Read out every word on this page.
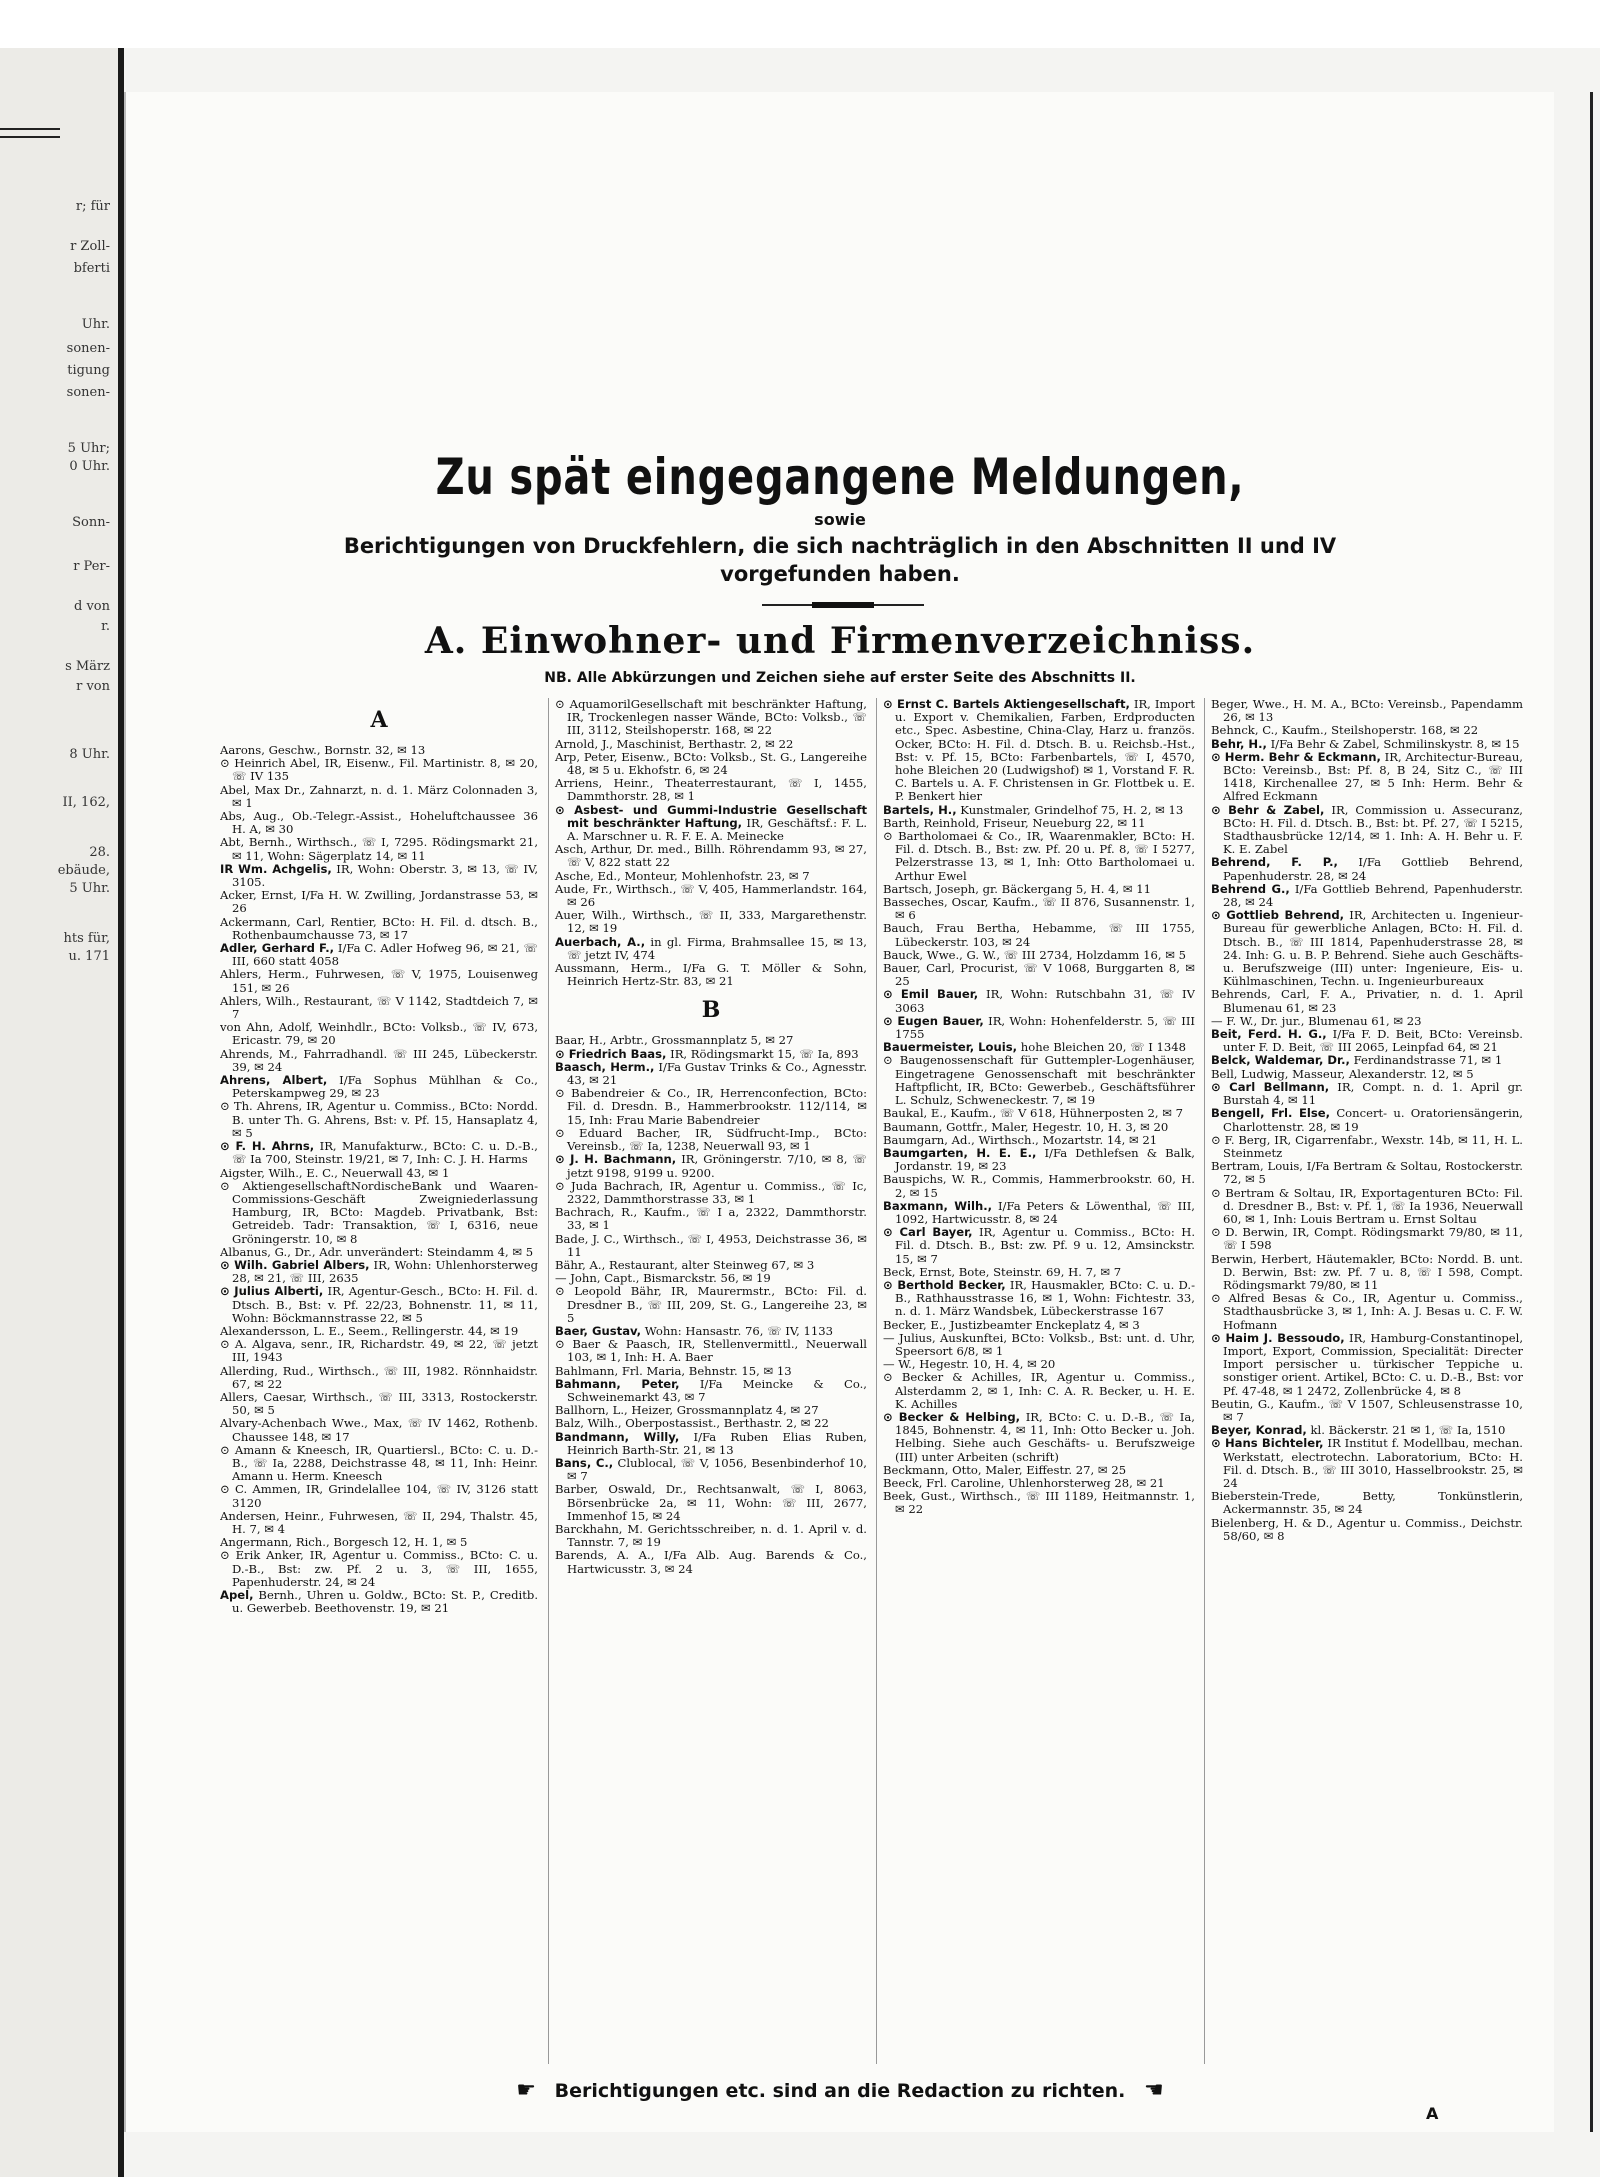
r; für
r Zoll-
bferti
Uhr.
sonen-
tigung
sonen-
5 Uhr;
0 Uhr.
Sonn-
r Per-
d von
r.
s März
r von
8 Uhr.
II, 162,
28.
ebäude,
5 Uhr.
hts für,
u. 171
Zu spät eingegangene Meldungen,
sowie
Berichtigungen von Druckfehlern, die sich nachträglich in den Abschnitten II und IV vorgefunden haben.
A. Einwohner- und Firmenverzeichniss.
NB. Alle Abkürzungen und Zeichen siehe auf erster Seite des Abschnitts II.
A

Aarons, Geschw., Bornstr. 32, ✉ 13

⊙ Heinrich Abel, IR, Eisenw., Fil. Martinistr. 8, ✉ 20, ☏ IV 135

Abel, Max Dr., Zahnarzt, n. d. 1. März Colonnaden 3, ✉ 1

Abs, Aug., Ob.-Telegr.-Assist., Hoheluftchaussee 36 H. A, ✉ 30

Abt, Bernh., Wirthsch., ☏ I, 7295. Rödingsmarkt 21, ✉ 11, Wohn: Sägerplatz 14, ✉ 11

IR Wm. Achgelis, IR, Wohn: Oberstr. 3, ✉ 13, ☏ IV, 3105.

Acker, Ernst, I/Fa H. W. Zwilling, Jordanstrasse 53, ✉ 26

Ackermann, Carl, Rentier, BCto: H. Fil. d. dtsch. B., Rothenbaumchausse 73, ✉ 17

Adler, Gerhard F., I/Fa C. Adler Hofweg 96, ✉ 21, ☏ III, 660 statt 4058

Ahlers, Herm., Fuhrwesen, ☏ V, 1975, Louisenweg 151, ✉ 26

Ahlers, Wilh., Restaurant, ☏ V 1142, Stadtdeich 7, ✉ 7

von Ahn, Adolf, Weinhdlr., BCto: Volksb., ☏ IV, 673, Ericastr. 79, ✉ 20

Ahrends, M., Fahrradhandl. ☏ III 245, Lübeckerstr. 39, ✉ 24

Ahrens, Albert, I/Fa Sophus Mühlhan & Co., Peterskampweg 29, ✉ 23

⊙ Th. Ahrens, IR, Agentur u. Commiss., BCto: Nordd. B. unter Th. G. Ahrens, Bst: v. Pf. 15, Hansaplatz 4, ✉ 5

⊙ F. H. Ahrns, IR, Manufakturw., BCto: C. u. D.-B., ☏ Ia 700, Steinstr. 19/21, ✉ 7, Inh: C. J. H. Harms

Aigster, Wilh., E. C., Neuerwall 43, ✉ 1

⊙ AktiengesellschaftNordischeBank und Waaren-Commissions-Geschäft Zweigniederlassung Hamburg, IR, BCto: Magdeb. Privatbank, Bst: Getreideb. Tadr: Transaktion, ☏ I, 6316, neue Gröningerstr. 10, ✉ 8

Albanus, G., Dr., Adr. unverändert: Steindamm 4, ✉ 5

⊙ Wilh. Gabriel Albers, IR, Wohn: Uhlenhorsterweg 28, ✉ 21, ☏ III, 2635

⊙ Julius Alberti, IR, Agentur-Gesch., BCto: H. Fil. d. Dtsch. B., Bst: v. Pf. 22/23, Bohnenstr. 11, ✉ 11, Wohn: Böckmannstrasse 22, ✉ 5

Alexandersson, L. E., Seem., Rellingerstr. 44, ✉ 19

⊙ A. Algava, senr., IR, Richardstr. 49, ✉ 22, ☏ jetzt III, 1943

Allerding, Rud., Wirthsch., ☏ III, 1982. Rönnhaidstr. 67, ✉ 22

Allers, Caesar, Wirthsch., ☏ III, 3313, Rostockerstr. 50, ✉ 5

Alvary-Achenbach Wwe., Max, ☏ IV 1462, Rothenb. Chaussee 148, ✉ 17

⊙ Amann & Kneesch, IR, Quartiersl., BCto: C. u. D.-B., ☏ Ia, 2288, Deichstrasse 48, ✉ 11, Inh: Heinr. Amann u. Herm. Kneesch

⊙ C. Ammen, IR, Grindelallee 104, ☏ IV, 3126 statt 3120

Andersen, Heinr., Fuhrwesen, ☏ II, 294, Thalstr. 45, H. 7, ✉ 4

Angermann, Rich., Borgesch 12, H. 1, ✉ 5

⊙ Erik Anker, IR, Agentur u. Commiss., BCto: C. u. D.-B., Bst: zw. Pf. 2 u. 3, ☏ III, 1655, Papenhuderstr. 24, ✉ 24

Apel, Bernh., Uhren u. Goldw., BCto: St. P., Creditb. u. Gewerbeb. Beethovenstr. 19, ✉ 21

⊙ AquamorilGesellschaft mit beschränkter Haftung, IR, Trockenlegen nasser Wände, BCto: Volksb., ☏ III, 3112, Steilshoperstr. 168, ✉ 22

Arnold, J., Maschinist, Berthastr. 2, ✉ 22

Arp, Peter, Eisenw., BCto: Volksb., St. G., Langereihe 48, ✉ 5 u. Ekhofstr. 6, ✉ 24

Arriens, Heinr., Theaterrestaurant, ☏ I, 1455, Dammthorstr. 28, ✉ 1

⊙ Asbest- und Gummi-Industrie Gesellschaft mit beschränkter Haftung, IR, Geschäftsf.: F. L. A. Marschner u. R. F. E. A. Meinecke

Asch, Arthur, Dr. med., Billh. Röhrendamm 93, ✉ 27, ☏ V, 822 statt 22

Asche, Ed., Monteur, Mohlenhofstr. 23, ✉ 7

Aude, Fr., Wirthsch., ☏ V, 405, Hammerlandstr. 164, ✉ 26

Auer, Wilh., Wirthsch., ☏ II, 333, Margarethenstr. 12, ✉ 19

Auerbach, A., in gl. Firma, Brahmsallee 15, ✉ 13, ☏ jetzt IV, 474

Aussmann, Herm., I/Fa G. T. Möller & Sohn, Heinrich Hertz-Str. 83, ✉ 21

B

Baar, H., Arbtr., Grossmannplatz 5, ✉ 27

⊙ Friedrich Baas, IR, Rödingsmarkt 15, ☏ Ia, 893

Baasch, Herm., I/Fa Gustav Trinks & Co., Agnesstr. 43, ✉ 21

⊙ Babendreier & Co., IR, Herrenconfection, BCto: Fil. d. Dresdn. B., Hammerbrookstr. 112/114, ✉ 15, Inh: Frau Marie Babendreier

⊙ Eduard Bacher, IR, Südfrucht-Imp., BCto: Vereinsb., ☏ Ia, 1238, Neuerwall 93, ✉ 1

⊙ J. H. Bachmann, IR, Gröningerstr. 7/10, ✉ 8, ☏ jetzt 9198, 9199 u. 9200.

⊙ Juda Bachrach, IR, Agentur u. Commiss., ☏ Ic, 2322, Dammthorstrasse 33, ✉ 1

Bachrach, R., Kaufm., ☏ I a, 2322, Dammthorstr. 33, ✉ 1

Bade, J. C., Wirthsch., ☏ I, 4953, Deichstrasse 36, ✉ 11

Bähr, A., Restaurant, alter Steinweg 67, ✉ 3

— John, Capt., Bismarckstr. 56, ✉ 19

⊙ Leopold Bähr, IR, Maurermstr., BCto: Fil. d. Dresdner B., ☏ III, 209, St. G., Langereihe 23, ✉ 5

Baer, Gustav, Wohn: Hansastr. 76, ☏ IV, 1133

⊙ Baer & Paasch, IR, Stellenvermittl., Neuerwall 103, ✉ 1, Inh: H. A. Baer

Bahlmann, Frl. Maria, Behnstr. 15, ✉ 13

Bahmann, Peter, I/Fa Meincke & Co., Schweinemarkt 43, ✉ 7

Ballhorn, L., Heizer, Grossmannplatz 4, ✉ 27

Balz, Wilh., Oberpostassist., Berthastr. 2, ✉ 22

Bandmann, Willy, I/Fa Ruben Elias Ruben, Heinrich Barth-Str. 21, ✉ 13

Bans, C., Clublocal, ☏ V, 1056, Besenbinderhof 10, ✉ 7

Barber, Oswald, Dr., Rechtsanwalt, ☏ I, 8063, Börsenbrücke 2a, ✉ 11, Wohn: ☏ III, 2677, Immenhof 15, ✉ 24

Barckhahn, M. Gerichtsschreiber, n. d. 1. April v. d. Tannstr. 7, ✉ 19

Barends, A. A., I/Fa Alb. Aug. Barends & Co., Hartwicusstr. 3, ✉ 24

⊙ Ernst C. Bartels Aktiengesellschaft, IR, Import u. Export v. Chemikalien, Farben, Erdproducten etc., Spec. Asbestine, China-Clay, Harz u. französ. Ocker, BCto: H. Fil. d. Dtsch. B. u. Reichsb.-Hst., Bst: v. Pf. 15, BCto: Farbenbartels, ☏ I, 4570, hohe Bleichen 20 (Ludwigshof) ✉ 1, Vorstand F. R. C. Bartels u. A. F. Christensen in Gr. Flottbek u. E. P. Benkert hier

Bartels, H., Kunstmaler, Grindelhof 75, H. 2, ✉ 13

Barth, Reinhold, Friseur, Neueburg 22, ✉ 11

⊙ Bartholomaei & Co., IR, Waarenmakler, BCto: H. Fil. d. Dtsch. B., Bst: zw. Pf. 20 u. Pf. 8, ☏ I 5277, Pelzerstrasse 13, ✉ 1, Inh: Otto Bartholomaei u. Arthur Ewel

Bartsch, Joseph, gr. Bäckergang 5, H. 4, ✉ 11

Basseches, Oscar, Kaufm., ☏ II 876, Susannenstr. 1, ✉ 6

Bauch, Frau Bertha, Hebamme, ☏ III 1755, Lübeckerstr. 103, ✉ 24

Bauck, Wwe., G. W., ☏ III 2734, Holzdamm 16, ✉ 5

Bauer, Carl, Procurist, ☏ V 1068, Burggarten 8, ✉ 25

⊙ Emil Bauer, IR, Wohn: Rutschbahn 31, ☏ IV 3063

⊙ Eugen Bauer, IR, Wohn: Hohenfelderstr. 5, ☏ III 1755

Bauermeister, Louis, hohe Bleichen 20, ☏ I 1348

⊙ Baugenossenschaft für Guttempler-Logenhäuser, Eingetragene Genossenschaft mit beschränkter Haftpflicht, IR, BCto: Gewerbeb., Geschäftsführer L. Schulz, Schweneckestr. 7, ✉ 19

Baukal, E., Kaufm., ☏ V 618, Hühnerposten 2, ✉ 7

Baumann, Gottfr., Maler, Hegestr. 10, H. 3, ✉ 20

Baumgarn, Ad., Wirthsch., Mozartstr. 14, ✉ 21

Baumgarten, H. E. E., I/Fa Dethlefsen & Balk, Jordanstr. 19, ✉ 23

Bauspichs, W. R., Commis, Hammerbrookstr. 60, H. 2, ✉ 15

Baxmann, Wilh., I/Fa Peters & Löwenthal, ☏ III, 1092, Hartwicusstr. 8, ✉ 24

⊙ Carl Bayer, IR, Agentur u. Commiss., BCto: H. Fil. d. Dtsch. B., Bst: zw. Pf. 9 u. 12, Amsinckstr. 15, ✉ 7

Beck, Ernst, Bote, Steinstr. 69, H. 7, ✉ 7

⊙ Berthold Becker, IR, Hausmakler, BCto: C. u. D.-B., Rathhausstrasse 16, ✉ 1, Wohn: Fichtestr. 33, n. d. 1. März Wandsbek, Lübeckerstrasse 167

Becker, E., Justizbeamter Enckeplatz 4, ✉ 3

— Julius, Auskunftei, BCto: Volksb., Bst: unt. d. Uhr, Speersort 6/8, ✉ 1

— W., Hegestr. 10, H. 4, ✉ 20

⊙ Becker & Achilles, IR, Agentur u. Commiss., Alsterdamm 2, ✉ 1, Inh: C. A. R. Becker, u. H. E. K. Achilles

⊙ Becker & Helbing, IR, BCto: C. u. D.-B., ☏ Ia, 1845, Bohnenstr. 4, ✉ 11, Inh: Otto Becker u. Joh. Helbing. Siehe auch Geschäfts- u. Berufszweige (III) unter Arbeiten (schrift)

Beckmann, Otto, Maler, Eiffestr. 27, ✉ 25

Beeck, Frl. Caroline, Uhlenhorsterweg 28, ✉ 21

Beek, Gust., Wirthsch., ☏ III 1189, Heitmannstr. 1, ✉ 22

Beger, Wwe., H. M. A., BCto: Vereinsb., Papendamm 26, ✉ 13

Behnck, C., Kaufm., Steilshoperstr. 168, ✉ 22

Behr, H., I/Fa Behr & Zabel, Schmilinskystr. 8, ✉ 15

⊙ Herm. Behr & Eckmann, IR, Architectur-Bureau, BCto: Vereinsb., Bst: Pf. 8, B 24, Sitz C., ☏ III 1418, Kirchenallee 27, ✉ 5 Inh: Herm. Behr & Alfred Eckmann

⊙ Behr & Zabel, IR, Commission u. Assecuranz, BCto: H. Fil. d. Dtsch. B., Bst: bt. Pf. 27, ☏ I 5215, Stadthausbrücke 12/14, ✉ 1. Inh: A. H. Behr u. F. K. E. Zabel

Behrend, F. P., I/Fa Gottlieb Behrend, Papenhuderstr. 28, ✉ 24

Behrend G., I/Fa Gottlieb Behrend, Papenhuderstr. 28, ✉ 24

⊙ Gottlieb Behrend, IR, Architecten u. Ingenieur-Bureau für gewerbliche Anlagen, BCto: H. Fil. d. Dtsch. B., ☏ III 1814, Papenhuderstrasse 28, ✉ 24. Inh: G. u. B. P. Behrend. Siehe auch Geschäfts- u. Berufszweige (III) unter: Ingenieure, Eis- u. Kühlmaschinen, Techn. u. Ingenieurbureaux

Behrends, Carl, F. A., Privatier, n. d. 1. April Blumenau 61, ✉ 23

— F. W., Dr. jur., Blumenau 61, ✉ 23

Beit, Ferd. H. G., I/Fa F. D. Beit, BCto: Vereinsb. unter F. D. Beit, ☏ III 2065, Leinpfad 64, ✉ 21

Belck, Waldemar, Dr., Ferdinandstrasse 71, ✉ 1

Bell, Ludwig, Masseur, Alexanderstr. 12, ✉ 5

⊙ Carl Bellmann, IR, Compt. n. d. 1. April gr. Burstah 4, ✉ 11

Bengell, Frl. Else, Concert- u. Oratoriensängerin, Charlottenstr. 28, ✉ 19

⊙ F. Berg, IR, Cigarrenfabr., Wexstr. 14b, ✉ 11, H. L. Steinmetz

Bertram, Louis, I/Fa Bertram & Soltau, Rostockerstr. 72, ✉ 5

⊙ Bertram & Soltau, IR, Exportagenturen BCto: Fil. d. Dresdner B., Bst: v. Pf. 1, ☏ Ia 1936, Neuerwall 60, ✉ 1, Inh: Louis Bertram u. Ernst Soltau

⊙ D. Berwin, IR, Compt. Rödingsmarkt 79/80, ✉ 11, ☏ I 598

Berwin, Herbert, Häutemakler, BCto: Nordd. B. unt. D. Berwin, Bst: zw. Pf. 7 u. 8, ☏ I 598, Compt. Rödingsmarkt 79/80, ✉ 11

⊙ Alfred Besas & Co., IR, Agentur u. Commiss., Stadthausbrücke 3, ✉ 1, Inh: A. J. Besas u. C. F. W. Hofmann

⊙ Haim J. Bessoudo, IR, Hamburg-Constantinopel, Import, Export, Commission, Specialität: Directer Import persischer u. türkischer Teppiche u. sonstiger orient. Artikel, BCto: C. u. D.-B., Bst: vor Pf. 47-48, ✉ 1 2472, Zollenbrücke 4, ✉ 8

Beutin, G., Kaufm., ☏ V 1507, Schleusenstrasse 10, ✉ 7

Beyer, Konrad, kl. Bäckerstr. 21 ✉ 1, ☏ Ia, 1510

⊙ Hans Bichteler, IR Institut f. Modellbau, mechan. Werkstatt, electrotechn. Laboratorium, BCto: H. Fil. d. Dtsch. B., ☏ III 3010, Hasselbrookstr. 25, ✉ 24

Bieberstein-Trede, Betty, Tonkünstlerin, Ackermannstr. 35, ✉ 24

Bielenberg, H. & D., Agentur u. Commiss., Deichstr. 58/60, ✉ 8

☛ Berichtigungen etc. sind an die Redaction zu richten. ☚
A
